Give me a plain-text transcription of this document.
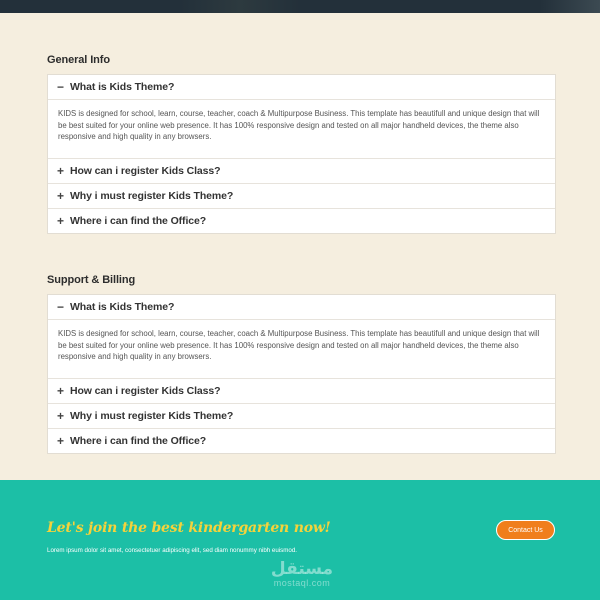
General Info
− What is Kids Theme?
KIDS is designed for school, learn, course, teacher, coach & Multipurpose Business. This template has beautifull and unique design that will be best suited for your online web presence. It has 100% responsive design and tested on all major handheld devices, the theme also responsive and high quality in any browsers.
+ How can i register Kids Class?
+ Why i must register Kids Theme?
+ Where i can find the Office?
Support & Billing
− What is Kids Theme?
KIDS is designed for school, learn, course, teacher, coach & Multipurpose Business. This template has beautifull and unique design that will be best suited for your online web presence. It has 100% responsive design and tested on all major handheld devices, the theme also responsive and high quality in any browsers.
+ How can i register Kids Class?
+ Why i must register Kids Theme?
+ Where i can find the Office?
Let's join the best kindergarten now!
Lorem ipsum dolor sit amet, consectetuer adipiscing elit, sed diam nonummy nibh euismod.
Contact Us
مستقل
mostaql.com
